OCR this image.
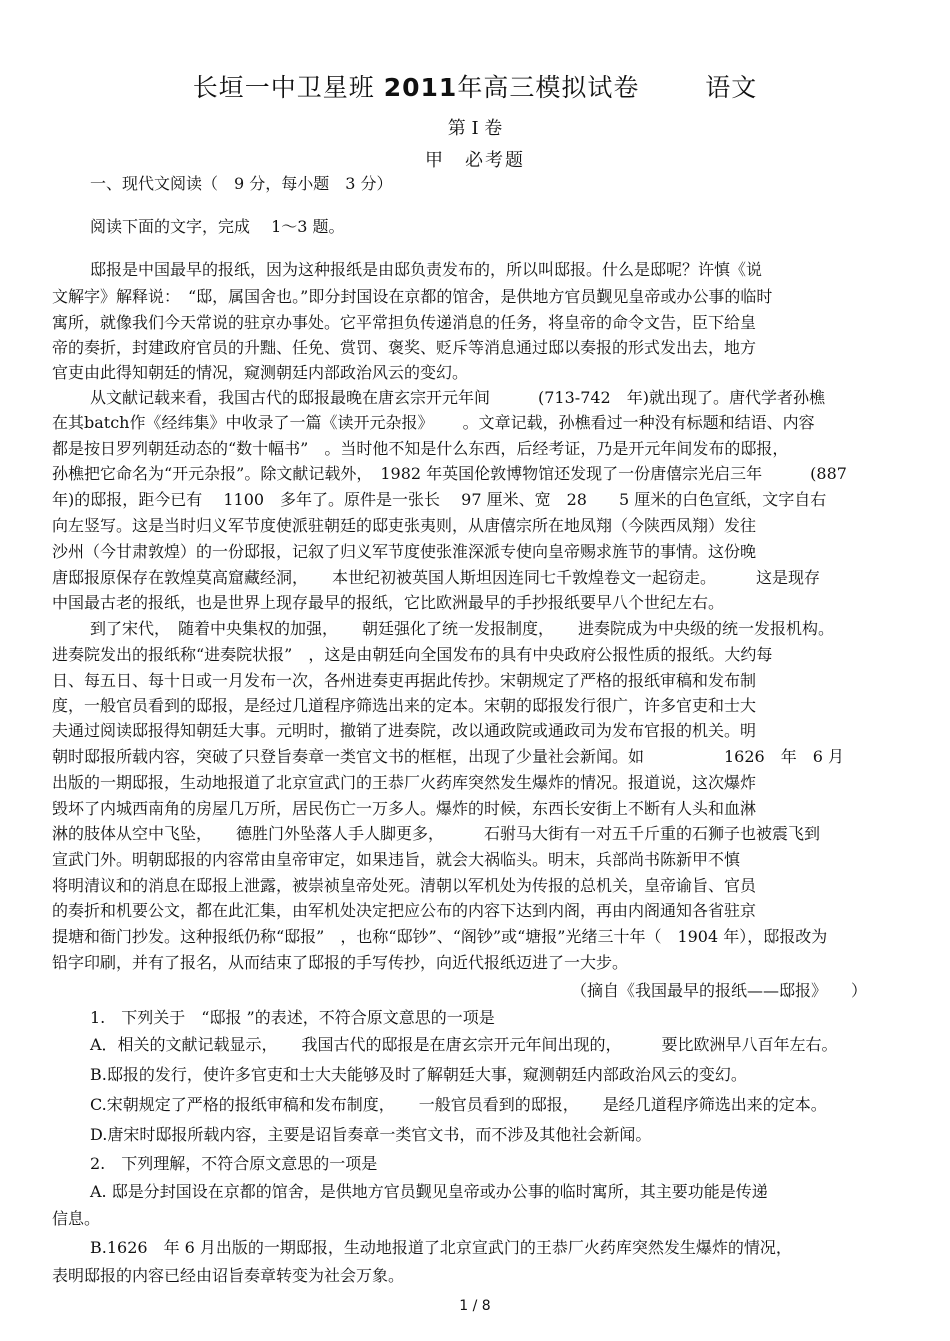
长垣一中卫星班 2011年高三模拟试卷	语文
第 I 卷
甲　必考题
一、现代文阅读（　9 分，每小题　3 分）
阅读下面的文字，完成　 1～3 题。
邸报是中国最早的报纸，因为这种报纸是由邸负责发布的，所以叫邸报。什么是邸呢？许慎《说
文解字》解释说：　“邸，属国舍也。”即分封国设在京都的馆舍，是供地方官员觐见皇帝或办公事的临时
寓所，就像我们今天常说的驻京办事处。它平常担负传递消息的任务，将皇帝的命令文告，臣下给皇
帝的奏折，封建政府官员的升黜、任免、赏罚、褒奖、贬斥等消息通过邸以奏报的形式发出去，地方
官吏由此得知朝廷的情况，窥测朝廷内部政治风云的变幻。
从文献记载来看，我国古代的邸报最晚在唐玄宗开元年间　　　(713-742　年)就出现了。唐代学者孙樵
在其batch作《经纬集》中收录了一篇《读开元杂报》　　 。文章记载，孙樵看过一种没有标题和结语、内容
都是按日罗列朝廷动态的“数十幅书”　。当时他不知是什么东西，后经考证，乃是开元年间发布的邸报，
孙樵把它命名为“开元杂报”。除文献记载外，　1982 年英国伦敦博物馆还发现了一份唐僖宗光启三年　　　(887
年)的邸报，距今已有　 1100　多年了。原件是一张长　 97 厘米、宽　28　　5 厘米的白色宣纸，文字自右
向左竖写。这是当时归义军节度使派驻朝廷的邸吏张夷则，从唐僖宗所在地凤翔（今陕西凤翔）发往
沙州（今甘肃敦煌）的一份邸报，记叙了归义军节度使张淮深派专使向皇帝赐求旌节的事情。这份晚
唐邸报原保存在敦煌莫高窟藏经洞，　　本世纪初被英国人斯坦因连同七千敦煌卷文一起窃走。　　　这是现存
中国最古老的报纸，也是世界上现存最早的报纸，它比欧洲最早的手抄报纸要早八个世纪左右。
到了宋代，　随着中央集权的加强，　　朝廷强化了统一发报制度，　　进奏院成为中央级的统一发报机构。
进奏院发出的报纸称“进奏院状报”　，这是由朝廷向全国发布的具有中央政府公报性质的报纸。大约每
日、每五日、每十日或一月发布一次，各州进奏吏再据此传抄。宋朝规定了严格的报纸审稿和发布制
度，一般官员看到的邸报，是经过几道程序筛选出来的定本。宋朝的邸报发行很广，许多官吏和士大
夫通过阅读邸报得知朝廷大事。元明时，撤销了进奏院，改以通政院或通政司为发布官报的机关。明
朝时邸报所载内容，突破了只登旨奏章一类官文书的框框，出现了少量社会新闻。如　　　　　1626　年　6 月
出版的一期邸报，生动地报道了北京宣武门的王恭厂火药库突然发生爆炸的情况。报道说，这次爆炸
毁坏了内城西南角的房屋几万所，居民伤亡一万多人。爆炸的时候，东西长安街上不断有人头和血淋
淋的肢体从空中飞坠，　　德胜门外坠落人手人脚更多，　　　石驸马大街有一对五千斤重的石狮子也被震飞到
宣武门外。明朝邸报的内容常由皇帝审定，如果违旨，就会大祸临头。明末，兵部尚书陈新甲不慎
将明清议和的消息在邸报上泄露，被崇祯皇帝处死。清朝以军机处为传报的总机关，皇帝谕旨、官员
的奏折和机要公文，都在此汇集，由军机处决定把应公布的内容下达到内阁，再由内阁通知各省驻京
提塘和衙门抄发。这种报纸仍称“邸报”　，也称“邸钞”、“阁钞”或“塘报”光绪三十年（　1904 年），邸报改为
铅字印刷，并有了报名，从而结束了邸报的手写传抄，向近代报纸迈进了一大步。
（摘自《我国最早的报纸——邸报》　　）
1.　下列关于　“邸报 ”的表述，不符合原文意思的一项是
A．相关的文献记载显示，　　我国古代的邸报是在唐玄宗开元年间出现的，　　　要比欧洲早八百年左右。
B.邸报的发行，使许多官吏和士大夫能够及时了解朝廷大事，窥测朝廷内部政治风云的变幻。
C.宋朝规定了严格的报纸审稿和发布制度，　　一般官员看到的邸报，　　是经几道程序筛选出来的定本。
D.唐宋时邸报所载内容，主要是诏旨奏章一类官文书，而不涉及其他社会新闻。
2.　下列理解，不符合原文意思的一项是
A. 邸是分封国设在京都的馆舍，是供地方官员觐见皇帝或办公事的临时寓所，其主要功能是传递
信息。
B.1626　年 6 月出版的一期邸报，生动地报道了北京宣武门的王恭厂火药库突然发生爆炸的情况，
表明邸报的内容已经由诏旨奏章转变为社会万象。
1 / 8
